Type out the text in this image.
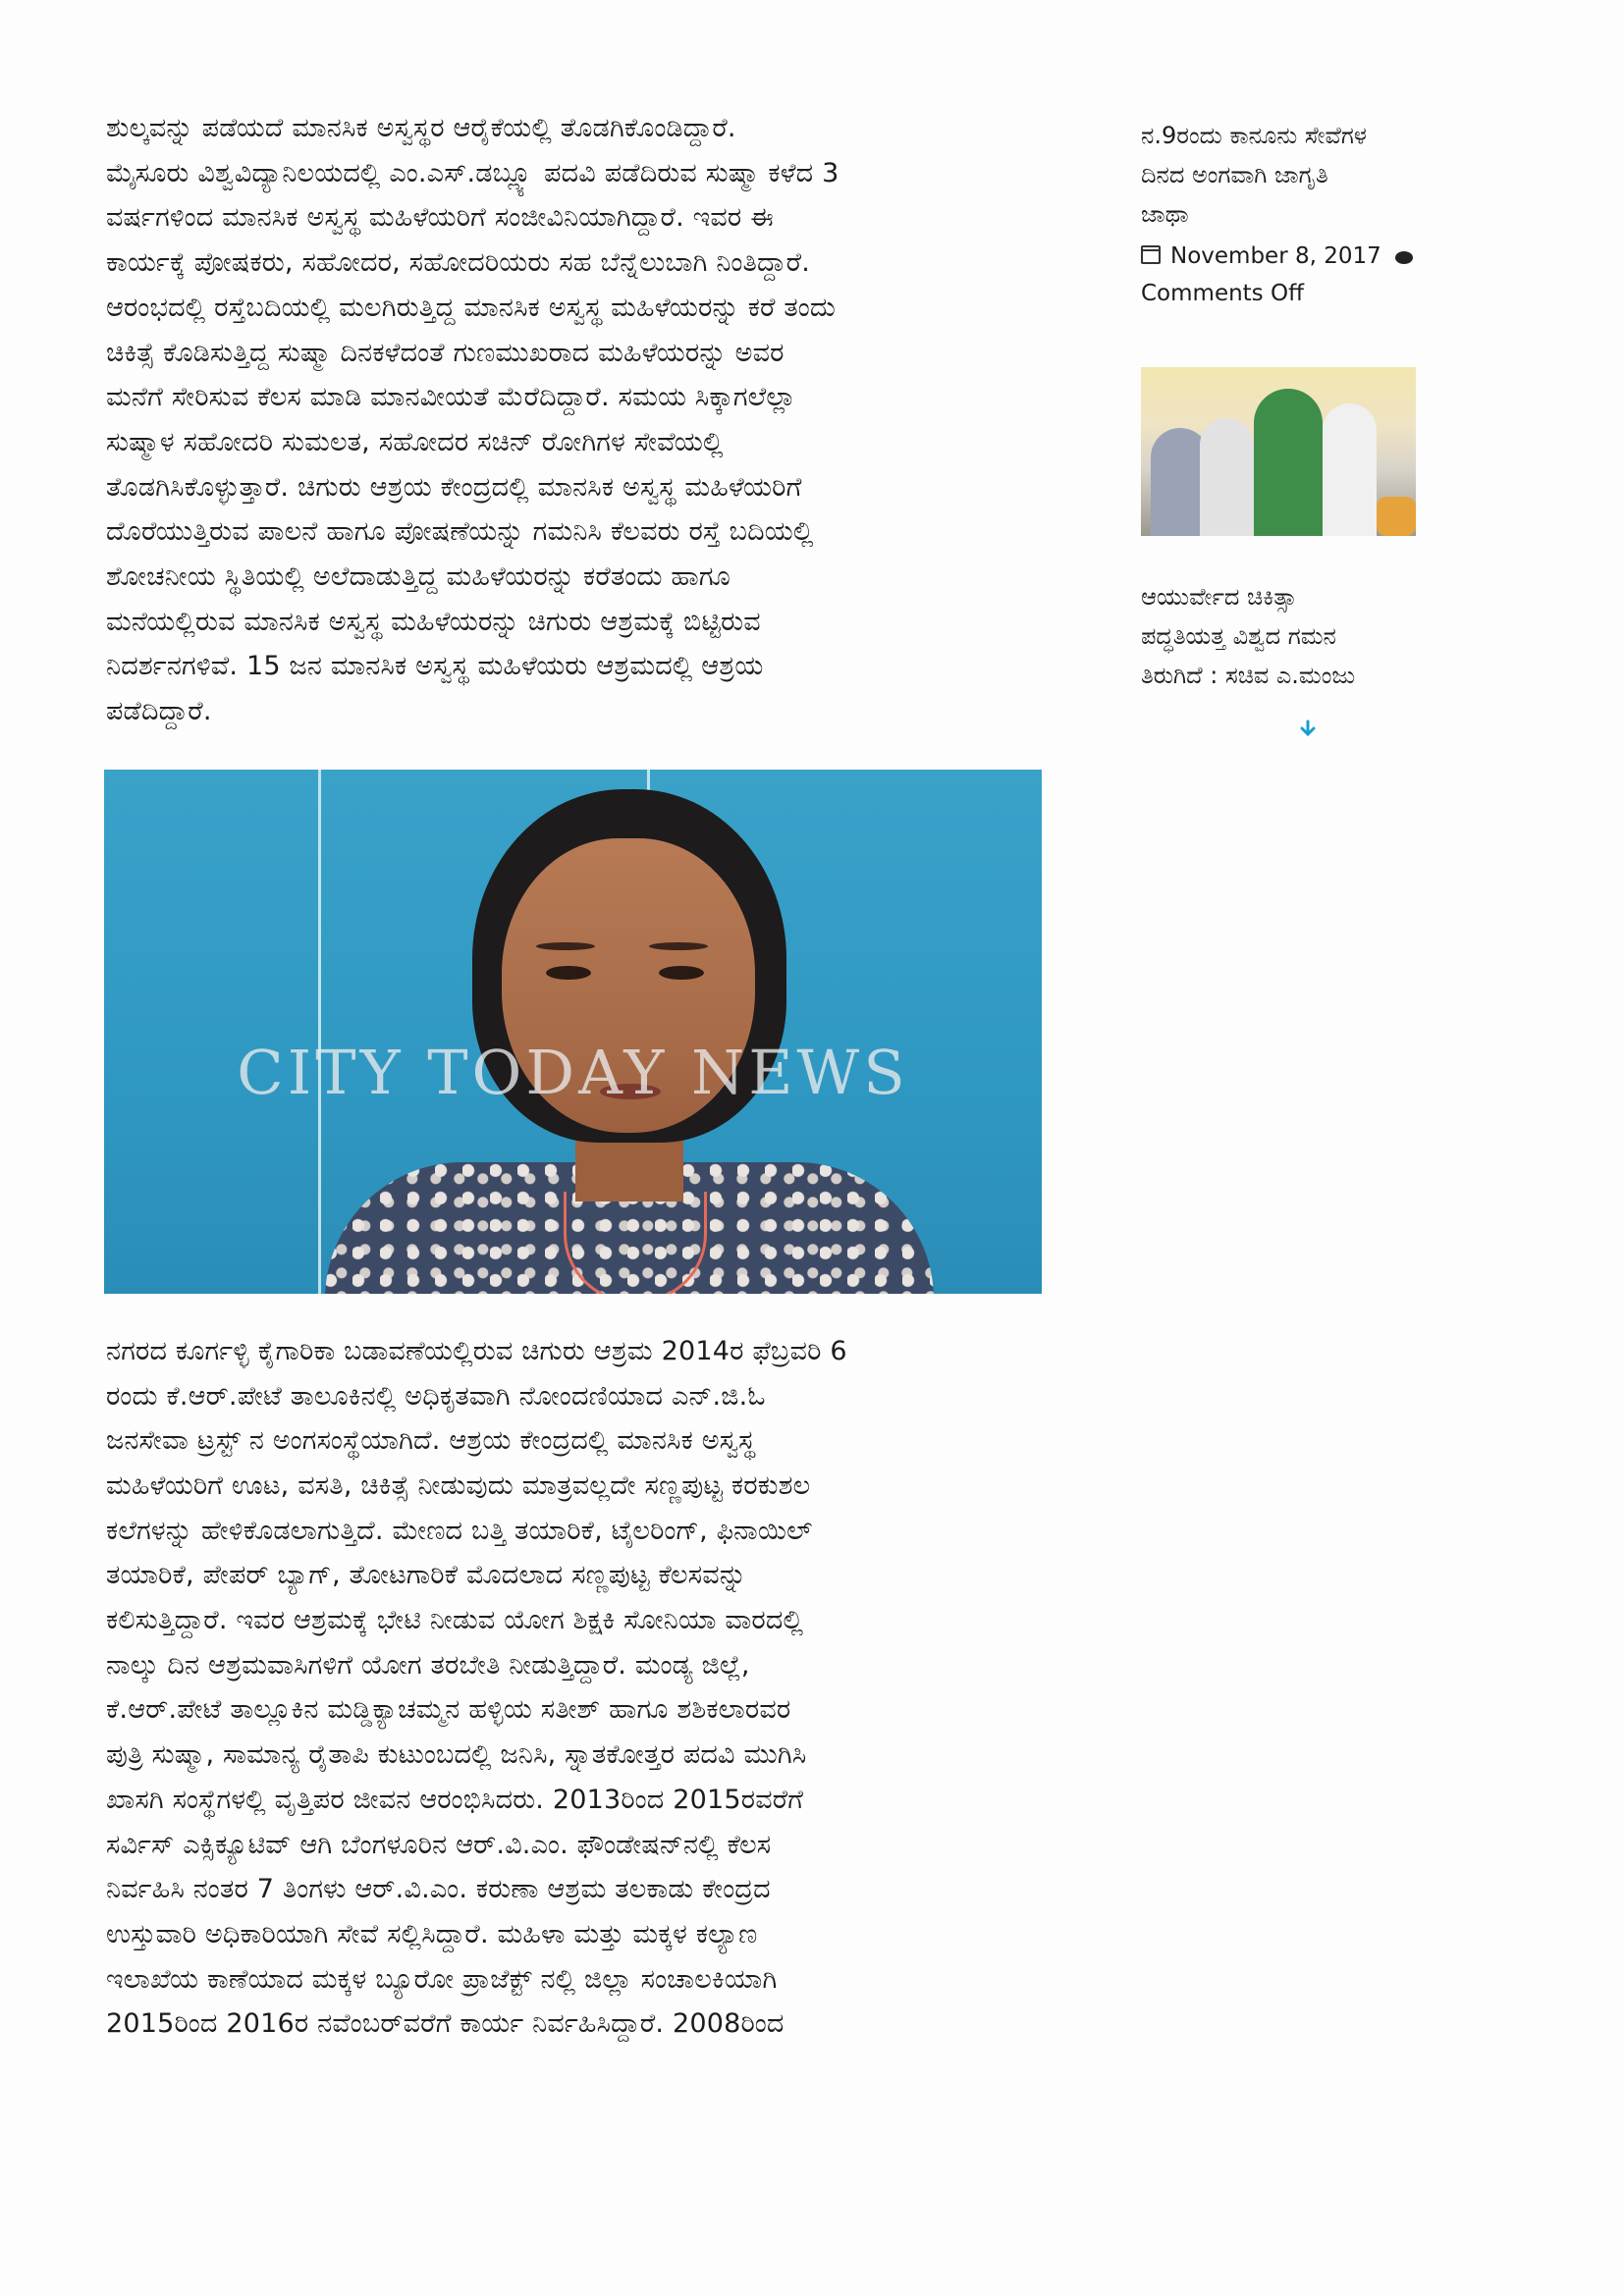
ಶುಲ್ಕವನ್ನು ಪಡೆಯದೆ ಮಾನಸಿಕ ಅಸ್ವಸ್ಥರ ಆರೈಕೆಯಲ್ಲಿ ತೊಡಗಿಕೊಂಡಿದ್ದಾರೆ.
ಮೈಸೂರು ವಿಶ್ವವಿದ್ಯಾನಿಲಯದಲ್ಲಿ ಎಂ.ಎಸ್.ಡಬ್ಲ್ಯೂ ಪದವಿ ಪಡೆದಿರುವ ಸುಷ್ಮಾ ಕಳೆದ 3
ವರ್ಷಗಳಿಂದ ಮಾನಸಿಕ ಅಸ್ವಸ್ಥ ಮಹಿಳೆಯರಿಗೆ ಸಂಜೀವಿನಿಯಾಗಿದ್ದಾರೆ. ಇವರ ಈ
ಕಾರ್ಯಕ್ಕೆ ಪೋಷಕರು, ಸಹೋದರ, ಸಹೋದರಿಯರು ಸಹ ಬೆನ್ನೆಲುಬಾಗಿ ನಿಂತಿದ್ದಾರೆ.
ಆರಂಭದಲ್ಲಿ ರಸ್ತೆಬದಿಯಲ್ಲಿ ಮಲಗಿರುತ್ತಿದ್ದ ಮಾನಸಿಕ ಅಸ್ವಸ್ಥ ಮಹಿಳೆಯರನ್ನು ಕರೆ ತಂದು
ಚಿಕಿತ್ಸೆ ಕೊಡಿಸುತ್ತಿದ್ದ ಸುಷ್ಮಾ ದಿನಕಳೆದಂತೆ ಗುಣಮುಖರಾದ ಮಹಿಳೆಯರನ್ನು ಅವರ
ಮನೆಗೆ ಸೇರಿಸುವ ಕೆಲಸ ಮಾಡಿ ಮಾನವೀಯತೆ ಮೆರೆದಿದ್ದಾರೆ. ಸಮಯ ಸಿಕ್ಕಾಗಲೆಲ್ಲಾ
ಸುಷ್ಮಾಳ ಸಹೋದರಿ ಸುಮಲತ, ಸಹೋದರ ಸಚಿನ್ ರೋಗಿಗಳ ಸೇವೆಯಲ್ಲಿ
ತೊಡಗಿಸಿಕೊಳ್ಳುತ್ತಾರೆ. ಚಿಗುರು ಆಶ್ರಯ ಕೇಂದ್ರದಲ್ಲಿ ಮಾನಸಿಕ ಅಸ್ವಸ್ಥ ಮಹಿಳೆಯರಿಗೆ
ದೊರೆಯುತ್ತಿರುವ ಪಾಲನೆ ಹಾಗೂ ಪೋಷಣೆಯನ್ನು ಗಮನಿಸಿ ಕೆಲವರು ರಸ್ತೆ ಬದಿಯಲ್ಲಿ
ಶೋಚನೀಯ ಸ್ಥಿತಿಯಲ್ಲಿ ಅಲೆದಾಡುತ್ತಿದ್ದ ಮಹಿಳೆಯರನ್ನು ಕರೆತಂದು ಹಾಗೂ
ಮನೆಯಲ್ಲಿರುವ ಮಾನಸಿಕ ಅಸ್ವಸ್ಥ ಮಹಿಳೆಯರನ್ನು ಚಿಗುರು ಆಶ್ರಮಕ್ಕೆ ಬಿಟ್ಟಿರುವ
ನಿದರ್ಶನಗಳಿವೆ. 15 ಜನ ಮಾನಸಿಕ ಅಸ್ವಸ್ಥ ಮಹಿಳೆಯರು ಆಶ್ರಮದಲ್ಲಿ ಆಶ್ರಯ
ಪಡೆದಿದ್ದಾರೆ.

CITY TODAY NEWS

ನಗರದ ಕೂರ್ಗಳ್ಳಿ ಕೈಗಾರಿಕಾ ಬಡಾವಣೆಯಲ್ಲಿರುವ ಚಿಗುರು ಆಶ್ರಮ 2014ರ ಫೆಬ್ರವರಿ 6
ರಂದು ಕೆ.ಆರ್.ಪೇಟೆ ತಾಲೂಕಿನಲ್ಲಿ ಅಧಿಕೃತವಾಗಿ ನೋಂದಣಿಯಾದ ಎನ್.ಜಿ.ಓ
ಜನಸೇವಾ ಟ್ರಸ್ಟ್ ನ ಅಂಗಸಂಸ್ಥೆಯಾಗಿದೆ. ಆಶ್ರಯ ಕೇಂದ್ರದಲ್ಲಿ ಮಾನಸಿಕ ಅಸ್ವಸ್ಥ
ಮಹಿಳೆಯರಿಗೆ ಊಟ, ವಸತಿ, ಚಿಕಿತ್ಸೆ ನೀಡುವುದು ಮಾತ್ರವಲ್ಲದೇ ಸಣ್ಣಪುಟ್ಟ ಕರಕುಶಲ
ಕಲೆಗಳನ್ನು ಹೇಳಿಕೊಡಲಾಗುತ್ತಿದೆ. ಮೇಣದ ಬತ್ತಿ ತಯಾರಿಕೆ, ಟೈಲರಿಂಗ್, ಫಿನಾಯಿಲ್
ತಯಾರಿಕೆ, ಪೇಪರ್ ಬ್ಯಾಗ್, ತೋಟಗಾರಿಕೆ ಮೊದಲಾದ ಸಣ್ಣಪುಟ್ಟ ಕೆಲಸವನ್ನು
ಕಲಿಸುತ್ತಿದ್ದಾರೆ. ಇವರ ಆಶ್ರಮಕ್ಕೆ ಭೇಟಿ ನೀಡುವ ಯೋಗ ಶಿಕ್ಷಕಿ ಸೋನಿಯಾ ವಾರದಲ್ಲಿ
ನಾಲ್ಕು ದಿನ ಆಶ್ರಮವಾಸಿಗಳಿಗೆ ಯೋಗ ತರಬೇತಿ ನೀಡುತ್ತಿದ್ದಾರೆ. ಮಂಡ್ಯ ಜಿಲ್ಲೆ,
ಕೆ.ಆರ್.ಪೇಟೆ ತಾಲ್ಲೂಕಿನ ಮಡ್ಡಿಕ್ಯಾಚಮ್ಮನ ಹಳ್ಳಿಯ ಸತೀಶ್ ಹಾಗೂ ಶಶಿಕಲಾರವರ
ಪುತ್ರಿ ಸುಷ್ಮಾ, ಸಾಮಾನ್ಯ ರೈತಾಪಿ ಕುಟುಂಬದಲ್ಲಿ ಜನಿಸಿ, ಸ್ನಾತಕೋತ್ತರ ಪದವಿ ಮುಗಿಸಿ
ಖಾಸಗಿ ಸಂಸ್ಥೆಗಳಲ್ಲಿ ವೃತ್ತಿಪರ ಜೀವನ ಆರಂಭಿಸಿದರು. 2013ರಿಂದ 2015ರವರೆಗೆ
ಸರ್ವಿಸ್ ಎಕ್ಸಿಕ್ಯೂಟಿವ್ ಆಗಿ ಬೆಂಗಳೂರಿನ ಆರ್.ವಿ.ಎಂ. ಫೌಂಡೇಷನ್‌ನಲ್ಲಿ ಕೆಲಸ
ನಿರ್ವಹಿಸಿ ನಂತರ 7 ತಿಂಗಳು ಆರ್.ವಿ.ಎಂ. ಕರುಣಾ ಆಶ್ರಮ ತಲಕಾಡು ಕೇಂದ್ರದ
ಉಸ್ತುವಾರಿ ಅಧಿಕಾರಿಯಾಗಿ ಸೇವೆ ಸಲ್ಲಿಸಿದ್ದಾರೆ. ಮಹಿಳಾ ಮತ್ತು ಮಕ್ಕಳ ಕಲ್ಯಾಣ
ಇಲಾಖೆಯ ಕಾಣೆಯಾದ ಮಕ್ಕಳ ಬ್ಯೂರೋ ಪ್ರಾಜೆಕ್ಟ್ ನಲ್ಲಿ ಜಿಲ್ಲಾ ಸಂಚಾಲಕಿಯಾಗಿ
2015ರಿಂದ 2016ರ ನವೆಂಬರ್‌ವರೆಗೆ ಕಾರ್ಯ ನಿರ್ವಹಿಸಿದ್ದಾರೆ. 2008ರಿಂದ

ನ.9ರಂದು ಕಾನೂನು ಸೇವೆಗಳ
ದಿನದ ಅಂಗವಾಗಿ ಜಾಗೃತಿ
ಜಾಥಾ

November 8, 2017
Comments Off

ಆಯುರ್ವೇದ ಚಿಕಿತ್ಸಾ
ಪದ್ಧತಿಯತ್ತ ವಿಶ್ವದ ಗಮನ
ತಿರುಗಿದೆ : ಸಚಿವ ಎ.ಮಂಜು
